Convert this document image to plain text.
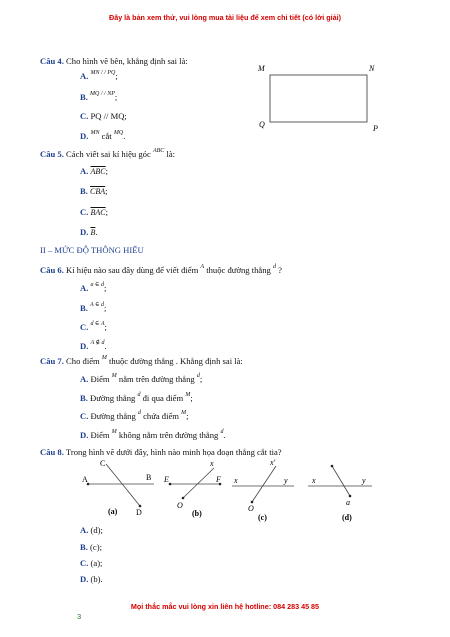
Đây là bản xem thử, vui lòng mua tài liệu để xem chi tiết (có lời giải)
Câu 4. Cho hình vẽ bên, khẳng định sai là:
A. $^{MN / / PQ}$;
B. $^{MQ / / NP}$;
C. PQ // MQ;
D. $^{MN}$ cắt $^{MQ}$.
M	N
Q	P
Câu 5. Cách viết sai kí hiệu góc $^{ABC}$ là:
A. $\overline{ABC}$;
B. $\overline{CBA}$;
C. $\overline{BAC}$;
D. $\overline{B}$.
II – MỨC ĐỘ THÔNG HIỂU
Câu 6. Kí hiệu nào sau đây dùng để viết điểm $^A$ thuộc đường thẳng $^d$ ?
A. $^{a \in d}$;
B. $^{A \in d}$;
C. $^{d \in A}$;
D. $^{A \notin d}$.
Câu 7. Cho điểm $^M$ thuộc đường thẳng . Khẳng định sai là:
A. Điểm $^M$ nằm trên đường thẳng $^d$;
B. Đường thẳng $^d$ đi qua điểm $^M$;
C. Đường thẳng $^d$ chứa điểm $^M$;
D. Điểm $^M$ không nằm trên đường thẳng $^d$.
Câu 8. Trong hình vẽ dưới đây, hình nào minh họa đoạn thẳng cắt tia?
A	B
C
D
(a)
E	F
x
O
(b)
x	y
x'
O
(c)
x	y
a
(d)
A. (d);
B. (c);
C. (a);
D. (b).
Mọi thắc mắc vui lòng xin liên hệ hotline: 084 283 45 85
3
